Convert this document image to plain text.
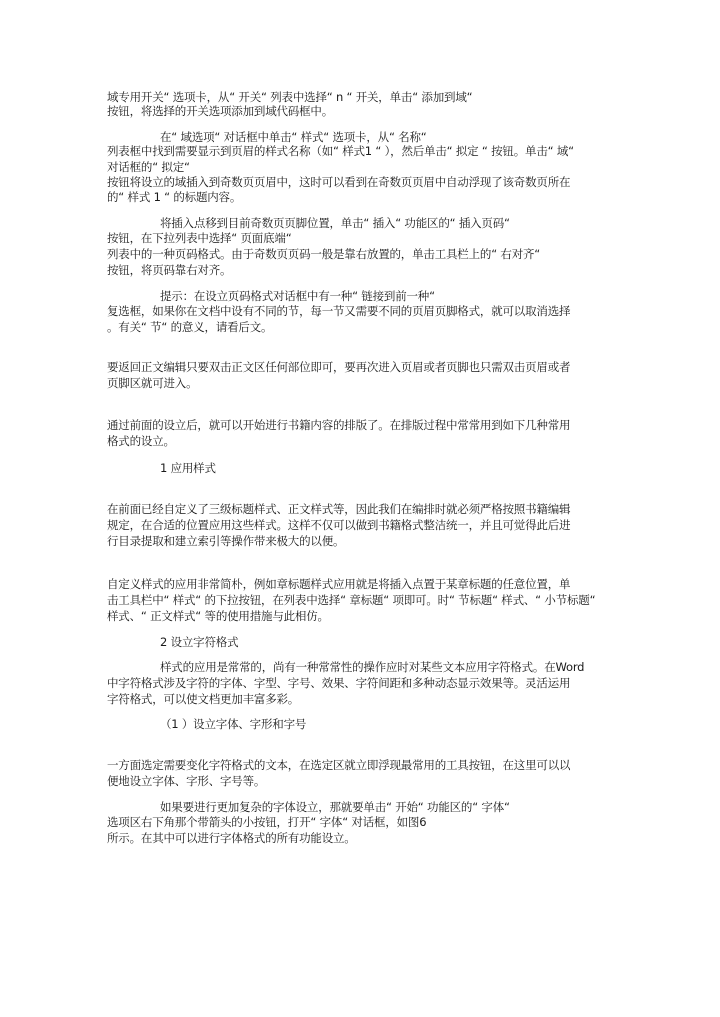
域专用开关“ 选项卡，从“ 开关“ 列表中选择“ n “ 开关，单击“ 添加到域“
按钮，将选择的开关选项添加到域代码框中。
在“ 域选项“ 对话框中单击“ 样式“ 选项卡，从“ 名称“
列表框中找到需要显示到页眉的样式名称（如“ 样式1 “ ），然后单击“ 拟定 “ 按钮。单击“ 域“
对话框的“ 拟定“
按钮将设立的域插入到奇数页页眉中，这时可以看到在奇数页页眉中自动浮现了该奇数页所在
的“ 样式 1 “ 的标题内容。
将插入点移到目前奇数页页脚位置，单击“ 插入“ 功能区的“ 插入页码“
按钮，在下拉列表中选择“ 页面底端“
列表中的一种页码格式。由于奇数页页码一般是靠右放置的，单击工具栏上的“ 右对齐“
按钮，将页码靠右对齐。
提示：在设立页码格式对话框中有一种“ 链接到前一种“
复选框，如果你在文档中设有不同的节，每一节又需要不同的页眉页脚格式，就可以取消选择
。有关“ 节“ 的意义，请看后文。
要返回正文编辑只要双击正文区任何部位即可，要再次进入页眉或者页脚也只需双击页眉或者
页脚区就可进入。
通过前面的设立后，就可以开始进行书籍内容的排版了。在排版过程中常常用到如下几种常用
格式的设立。
1 应用样式
在前面已经自定义了三级标题样式、正文样式等，因此我们在编排时就必须严格按照书籍编辑
规定，在合适的位置应用这些样式。这样不仅可以做到书籍格式整洁统一，并且可觉得此后进
行目录提取和建立索引等操作带来极大的以便。
自定义样式的应用非常简朴，例如章标题样式应用就是将插入点置于某章标题的任意位置，单
击工具栏中“ 样式“ 的下拉按钮，在列表中选择“ 章标题“ 项即可。时“ 节标题“ 样式、“ 小节标题“
样式、“ 正文样式“ 等的使用措施与此相仿。
2 设立字符格式
样式的应用是常常的，尚有一种常常性的操作应时对某些文本应用字符格式。在Word
中字符格式涉及字符的字体、字型、字号、效果、字符间距和多种动态显示效果等。灵活运用
字符格式，可以使文档更加丰富多彩。
（1 ）设立字体、字形和字号
一方面选定需要变化字符格式的文本，在选定区就立即浮现最常用的工具按钮，在这里可以以
便地设立字体、字形、字号等。
如果要进行更加复杂的字体设立，那就要单击“ 开始“ 功能区的“ 字体“
选项区右下角那个带箭头的小按钮，打开“ 字体“ 对话框，如图6
所示。在其中可以进行字体格式的所有功能设立。
